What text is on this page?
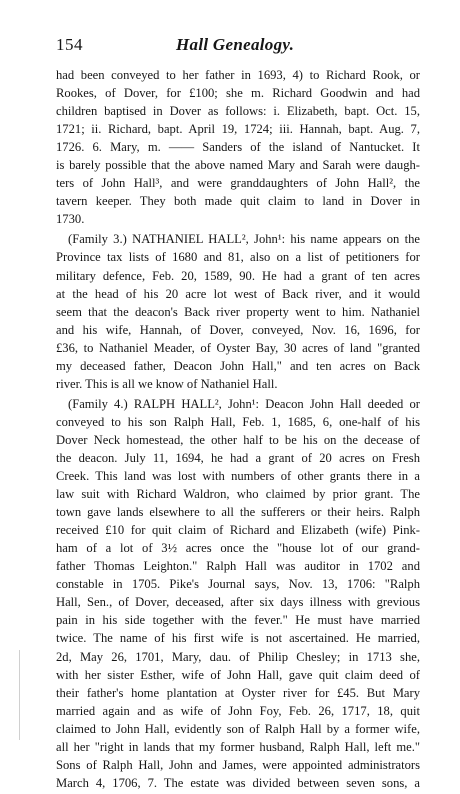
154	Hall Genealogy.
had been conveyed to her father in 1693, 4) to Richard Rook, or
Rookes, of Dover, for £100; she m. Richard Goodwin and had
children baptised in Dover as follows: i. Elizabeth, bapt. Oct. 15,
1721; ii. Richard, bapt. April 19, 1724; iii. Hannah, bapt. Aug. 7,
1726. 6. Mary, m. —— Sanders of the island of Nantucket. It
is barely possible that the above named Mary and Sarah were daugh-
ters of John Hall³, and were granddaughters of John Hall², the
tavern keeper. They both made quit claim to land in Dover in
1730.
(Family 3.) NATHANIEL HALL², John¹: his name appears on the
Province tax lists of 1680 and 81, also on a list of petitioners for
military defence, Feb. 20, 1589, 90. He had a grant of ten acres
at the head of his 20 acre lot west of Back river, and it would
seem that the deacon's Back river property went to him. Nathaniel
and his wife, Hannah, of Dover, conveyed, Nov. 16, 1696, for
£36, to Nathaniel Meader, of Oyster Bay, 30 acres of land "granted
my deceased father, Deacon John Hall," and ten acres on Back
river. This is all we know of Nathaniel Hall.
(Family 4.) RALPH HALL², John¹: Deacon John Hall deeded or
conveyed to his son Ralph Hall, Feb. 1, 1685, 6, one-half of his
Dover Neck homestead, the other half to be his on the decease of
the deacon. July 11, 1694, he had a grant of 20 acres on Fresh
Creek. This land was lost with numbers of other grants there in a
law suit with Richard Waldron, who claimed by prior grant. The
town gave lands elsewhere to all the sufferers or their heirs. Ralph
received £10 for quit claim of Richard and Elizabeth (wife) Pink-
ham of a lot of 3½ acres once the "house lot of our grand-
father Thomas Leighton." Ralph Hall was auditor in 1702 and
constable in 1705. Pike's Journal says, Nov. 13, 1706: "Ralph
Hall, Sen., of Dover, deceased, after six days illness with grevious
pain in his side together with the fever." He must have married
twice. The name of his first wife is not ascertained. He married,
2d, May 26, 1701, Mary, dau. of Philip Chesley; in 1713 she,
with her sister Esther, wife of John Hall, gave quit claim deed of
their father's home plantation at Oyster river for £45. But Mary
married again and as wife of John Foy, Feb. 26, 1717, 18, quit
claimed to John Hall, evidently son of Ralph Hall by a former wife,
all her "right in lands that my former husband, Ralph Hall, left me."
Sons of Ralph Hall, John and James, were appointed administrators
March 4, 1706, 7. The estate was divided between seven sons, a
